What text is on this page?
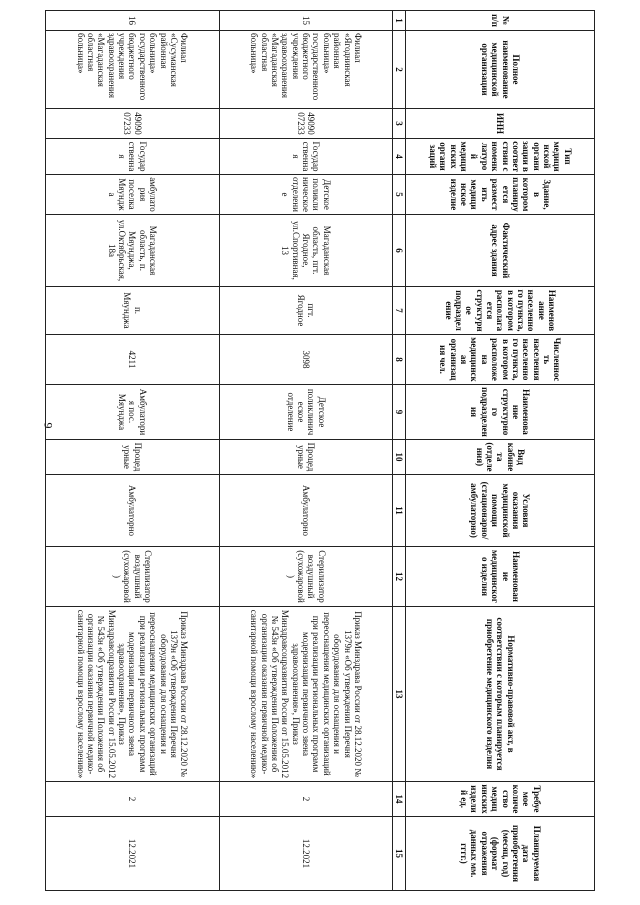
9
№ п/п	Полное наименование медицинской организации	ИНН	Тип медицинской организации в соответствии с номенклатурой медицинских организаций	Здание, в котором планируется разместить медицинское изделие	Фактический адрес здания	Наименование населенного пункта, в котором располагается структурное подразделение	Численность населения населенного пункта, в котором расположена медицинская организация чел.	Наименование структурного подразделения	Вид кабинета (отделения)	Условия оказания медицинской помощи (стационарно/амбулаторно)	Наименование медицинского изделия	Нормативно-правовой акт, в соответствии с которым планируется приобретение медицинского изделия	Требуемое количество медицинских изделий ед.	Планируемая дата приобретения (месяц, год) (формат отражения данных мм. гггг.)
1	2	3	4	5	6	7	8	9	10	11	12	13	14	15
15	Филиал «Ягоднинская районная больница» государственного бюджетного учреждения здравоохранения «Магаданская областная больница»	4909007233	Государственная	Детское поликлиническое отделение	Магаданская область, пгт. Ягодное, ул.Спортивная, 13	пгт. Ягодное	3098	Детское поликлиническое отделение	Процедурные	Амбулаторно	Стерилизатор воздушный (сухожаровой)	Приказ Минздрава России от 28.12.2020 № 1379н «Об утверждении Перечня оборудования для оснащения и переоснащения медицинских организаций при реализации региональных программ модернизации первичного звена здравоохранения», Приказ Минздравсоцразвития России от 15.05.2012 № 543н «Об утверждении Положения об организации оказания первичной медико-санитарной помощи взрослому населению»	2	12.2021
16	Филиал «Сусуманская районная больница» государственного бюджетного учреждения здравоохранения «Магаданская областная больница»	4909007233	Государственная	амбулатория поселка Мяунджа	Магаданская область, п. Мяунджа, ул.Октябрьская, 18а	п. Мяунджа	4211	Амбулатория пос. Мяунджа	Процедурные	Амбулаторно	Стерилизатор воздушный (сухожаровой)	Приказ Минздрава России от 28.12.2020 № 1379н «Об утверждении Перечня оборудования для оснащения и переоснащения медицинских организаций при реализации региональных программ модернизации первичного звена здравоохранения», Приказ Минздравсоцразвития России от 15.05.2012 № 543н «Об утверждении Положения об организации оказания первичной медико-санитарной помощи взрослому населению»	2	12.2021
